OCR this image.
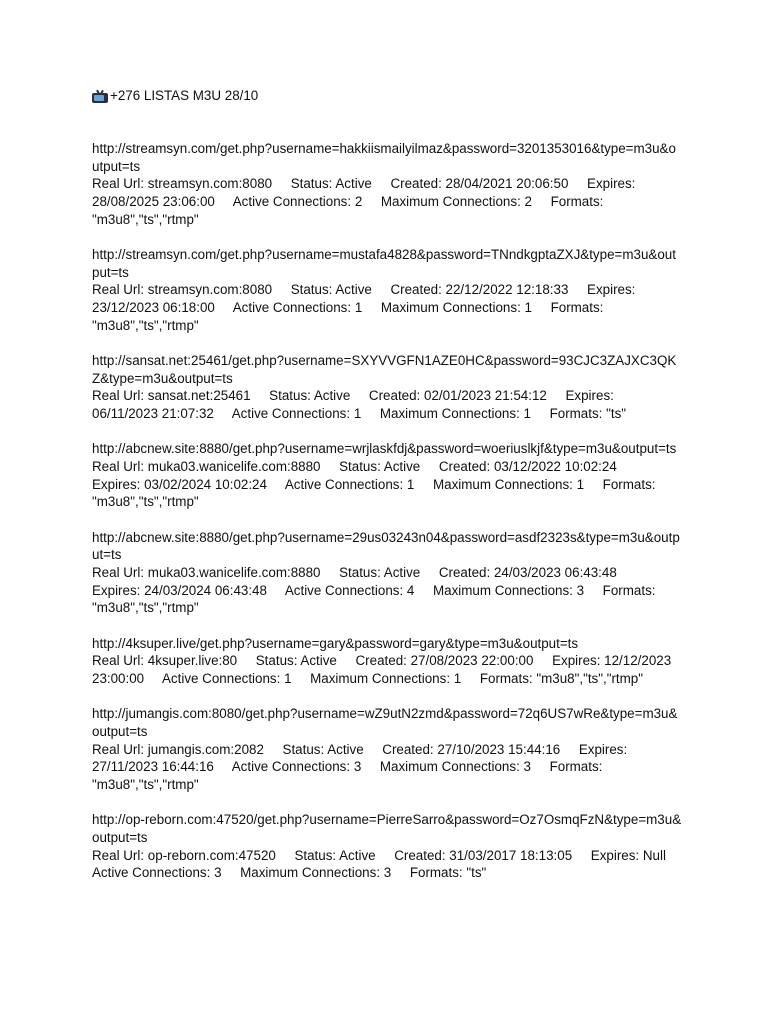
+276 LISTAS M3U 28/10
http://streamsyn.com/get.php?username=hakkiismailyilmaz&password=3201353016&type=m3u&output=ts
Real Url: streamsyn.com:8080 Status: Active Created: 28/04/2021 20:06:50 Expires: 28/08/2025 23:06:00 Active Connections: 2 Maximum Connections: 2 Formats: "m3u8","ts","rtmp"
http://streamsyn.com/get.php?username=mustafa4828&password=TNndkgptaZXJ&type=m3u&output=ts
Real Url: streamsyn.com:8080 Status: Active Created: 22/12/2022 12:18:33 Expires: 23/12/2023 06:18:00 Active Connections: 1 Maximum Connections: 1 Formats: "m3u8","ts","rtmp"
http://sansat.net:25461/get.php?username=SXYVVGFN1AZE0HC&password=93CJC3ZAJXC3QKZ&type=m3u&output=ts
Real Url: sansat.net:25461 Status: Active Created: 02/01/2023 21:54:12 Expires: 06/11/2023 21:07:32 Active Connections: 1 Maximum Connections: 1 Formats: "ts"
http://abcnew.site:8880/get.php?username=wrjlaskfdj&password=woeriuslkjf&type=m3u&output=ts
Real Url: muka03.wanicelife.com:8880 Status: Active Created: 03/12/2022 10:02:24     Expires: 03/02/2024 10:02:24 Active Connections: 1 Maximum Connections: 1 Formats: "m3u8","ts","rtmp"
http://abcnew.site:8880/get.php?username=29us03243n04&password=asdf2323s&type=m3u&output=ts
Real Url: muka03.wanicelife.com:8880 Status: Active Created: 24/03/2023 06:43:48     Expires: 24/03/2024 06:43:48 Active Connections: 4 Maximum Connections: 3 Formats: "m3u8","ts","rtmp"
http://4ksuper.live/get.php?username=gary&password=gary&type=m3u&output=ts
Real Url: 4ksuper.live:80 Status: Active Created: 27/08/2023 22:00:00 Expires: 12/12/2023 23:00:00 Active Connections: 1 Maximum Connections: 1 Formats: "m3u8","ts","rtmp"
http://jumangis.com:8080/get.php?username=wZ9utN2zmd&password=72q6US7wRe&type=m3u&output=ts
Real Url: jumangis.com:2082 Status: Active Created: 27/10/2023 15:44:16 Expires: 27/11/2023 16:44:16 Active Connections: 3 Maximum Connections: 3 Formats: "m3u8","ts","rtmp"
http://op-reborn.com:47520/get.php?username=PierreSarro&password=Oz7OsmqFzN&type=m3u&output=ts
Real Url: op-reborn.com:47520 Status: Active Created: 31/03/2017 18:13:05 Expires: Null     Active Connections: 3 Maximum Connections: 3 Formats: "ts"
